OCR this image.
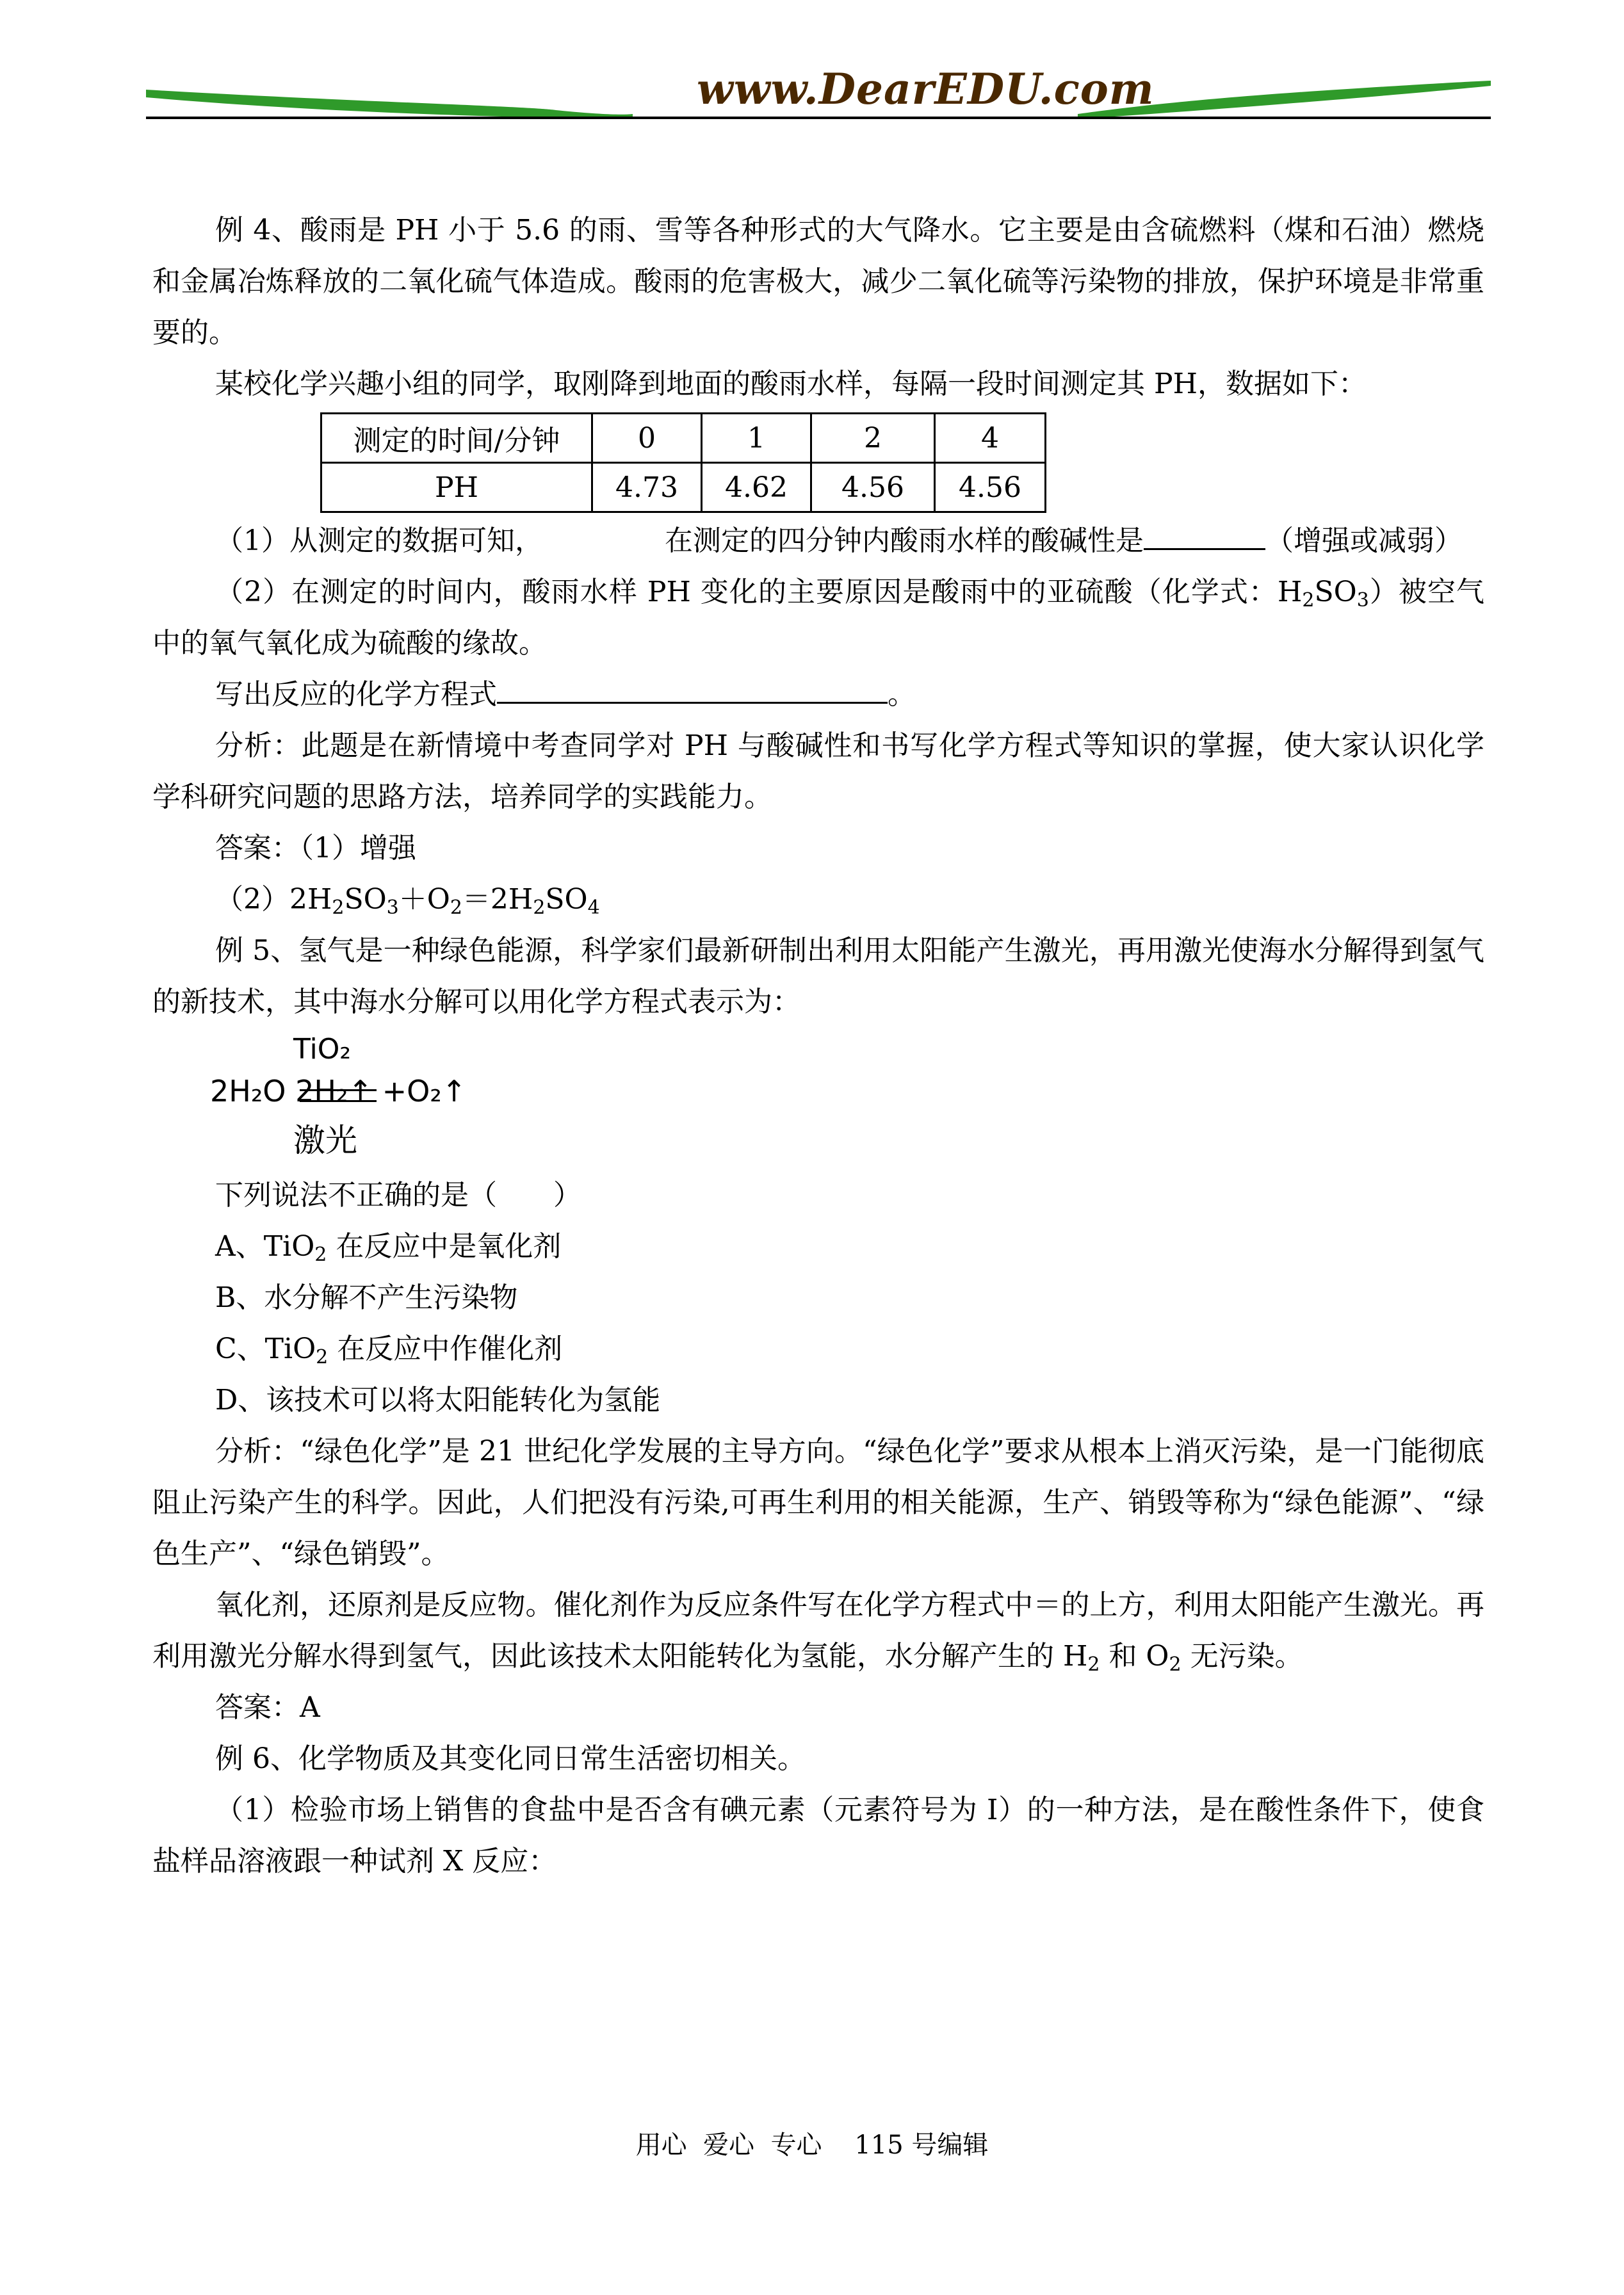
www.DearEDU.com

例 4、酸雨是 PH 小于 5.6 的雨、雪等各种形式的大气降水。它主要是由含硫燃料（煤和石油）燃烧和金属冶炼释放的二氧化硫气体造成。酸雨的危害极大，减少二氧化硫等污染物的排放，保护环境是非常重要的。

某校化学兴趣小组的同学，取刚降到地面的酸雨水样，每隔一段时间测定其 PH，数据如下：

测定的时间/分钟	0	1	2	4
PH	4.73	4.62	4.56	4.56

（1）从测定的数据可知，	在测定的四分钟内酸雨水样的酸碱性是	（增强或减弱）

（2）在测定的时间内，酸雨水样 PH 变化的主要原因是酸雨中的亚硫酸（化学式：$H_2SO_3$）被空气中的氧气氧化成为硫酸的缘故。

写出反应的化学方程式	。

分析：此题是在新情境中考查同学对 PH 与酸碱性和书写化学方程式等知识的掌握，使大家认识化学学科研究问题的思路方法，培养同学的实践能力。

答案：（1）增强

$(2)2H_2SO_3+O_2=2H_2SO_4$

例 5、氢气是一种绿色能源，科学家们最新研制出利用太阳能产生激光，再用激光使海水分解得到氢气的新技术，其中海水分解可以用化学方程式表示为：

TiO₂
2H₂O 2H₂↑ +O₂↑
激光

下列说法不正确的是（　　）

A、TiO$_2$ 在反应中是氧化剂

B、水分解不产生污染物

C、TiO$_2$ 在反应中作催化剂

D、该技术可以将太阳能转化为氢能

分析：“绿色化学”是 21 世纪化学发展的主导方向。“绿色化学”要求从根本上消灭污染，是一门能彻底阻止污染产生的科学。因此，人们把没有污染,可再生利用的相关能源，生产、销毁等称为“绿色能源”、“绿色生产”、“绿色销毁”。

氧化剂，还原剂是反应物。催化剂作为反应条件写在化学方程式中＝的上方，利用太阳能产生激光。再利用激光分解水得到氢气，因此该技术太阳能转化为氢能，水分解产生的 $H_2$ 和 $O_2$ 无污染。

答案：A

例 6、化学物质及其变化同日常生活密切相关。

（1）检验市场上销售的食盐中是否含有碘元素（元素符号为 I）的一种方法，是在酸性条件下，使食盐样品溶液跟一种试剂 X 反应：

用心  爱心  专心    115 号编辑
